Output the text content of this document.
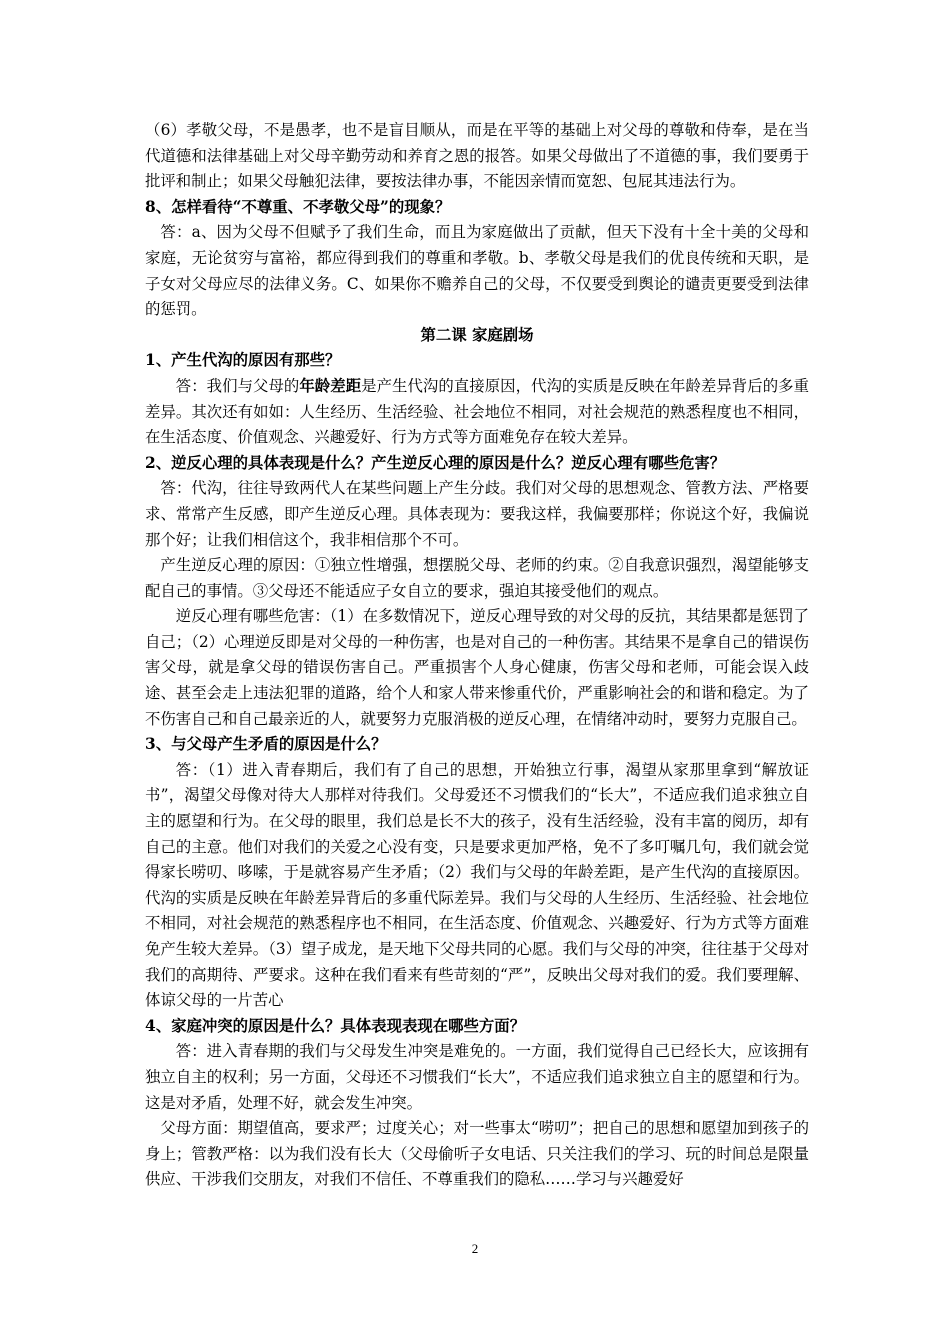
（6）孝敬父母，不是愚孝，也不是盲目顺从，而是在平等的基础上对父母的尊敬和侍奉，是在当代道德和法律基础上对父母辛勤劳动和养育之恩的报答。如果父母做出了不道德的事，我们要勇于批评和制止；如果父母触犯法律，要按法律办事，不能因亲情而宽恕、包屁其违法行为。

8、怎样看待“不尊重、不孝敬父母”的现象？

答：a、因为父母不但赋予了我们生命，而且为家庭做出了贡献，但天下没有十全十美的父母和家庭，无论贫穷与富裕，都应得到我们的尊重和孝敬。b、孝敬父母是我们的优良传统和天职，是子女对父母应尽的法律义务。C、如果你不赡养自己的父母，不仅要受到舆论的谴责更要受到法律的惩罚。

第二课 家庭剧场

1、产生代沟的原因有那些？

答：我们与父母的年龄差距是产生代沟的直接原因，代沟的实质是反映在年龄差异背后的多重差异。其次还有如如：人生经历、生活经验、社会地位不相同，对社会规范的熟悉程度也不相同，在生活态度、价值观念、兴趣爱好、行为方式等方面难免存在较大差异。

2、逆反心理的具体表现是什么？产生逆反心理的原因是什么？逆反心理有哪些危害？

答：代沟，往往导致两代人在某些问题上产生分歧。我们对父母的思想观念、管教方法、严格要求、常常产生反感，即产生逆反心理。具体表现为：要我这样，我偏要那样；你说这个好，我偏说那个好；让我们相信这个，我非相信那个不可。

产生逆反心理的原因：①独立性增强，想摆脱父母、老师的约束。②自我意识强烈，渴望能够支配自己的事情。③父母还不能适应子女自立的要求，强迫其接受他们的观点。

逆反心理有哪些危害：（1）在多数情况下，逆反心理导致的对父母的反抗，其结果都是惩罚了自己；（2）心理逆反即是对父母的一种伤害，也是对自己的一种伤害。其结果不是拿自己的错误伤害父母，就是拿父母的错误伤害自己。严重损害个人身心健康，伤害父母和老师，可能会误入歧途、甚至会走上违法犯罪的道路，给个人和家人带来惨重代价，严重影响社会的和谐和稳定。为了不伤害自己和自己最亲近的人，就要努力克服消极的逆反心理，在情绪冲动时，要努力克服自己。

3、与父母产生矛盾的原因是什么？

答：（1）进入青春期后，我们有了自己的思想，开始独立行事，渴望从家那里拿到“解放证书”，渴望父母像对待大人那样对待我们。父母爱还不习惯我们的“长大”，不适应我们追求独立自主的愿望和行为。在父母的眼里，我们总是长不大的孩子，没有生活经验，没有丰富的阅历，却有自己的主意。他们对我们的关爱之心没有变，只是要求更加严格，免不了多叮嘱几句，我们就会觉得家长唠叨、哆嗦，于是就容易产生矛盾；（2）我们与父母的年龄差距，是产生代沟的直接原因。代沟的实质是反映在年龄差异背后的多重代际差异。我们与父母的人生经历、生活经验、社会地位不相同，对社会规范的熟悉程序也不相同，在生活态度、价值观念、兴趣爱好、行为方式等方面难免产生较大差异。（3）望子成龙，是天地下父母共同的心愿。我们与父母的冲突，往往基于父母对我们的高期待、严要求。这种在我们看来有些苛刻的“严”，反映出父母对我们的爱。我们要理解、体谅父母的一片苦心

4、家庭冲突的原因是什么？具体表现表现在哪些方面？

答：进入青春期的我们与父母发生冲突是难免的。一方面，我们觉得自己已经长大，应该拥有独立自主的权利；另一方面，父母还不习惯我们“长大”，不适应我们追求独立自主的愿望和行为。这是对矛盾，处理不好，就会发生冲突。

父母方面：期望值高，要求严；过度关心；对一些事太“唠叨”；把自己的思想和愿望加到孩子的身上；管教严格：以为我们没有长大（父母偷听子女电话、只关注我们的学习、玩的时间总是限量供应、干涉我们交朋友，对我们不信任、不尊重我们的隐私……学习与兴趣爱好

2
